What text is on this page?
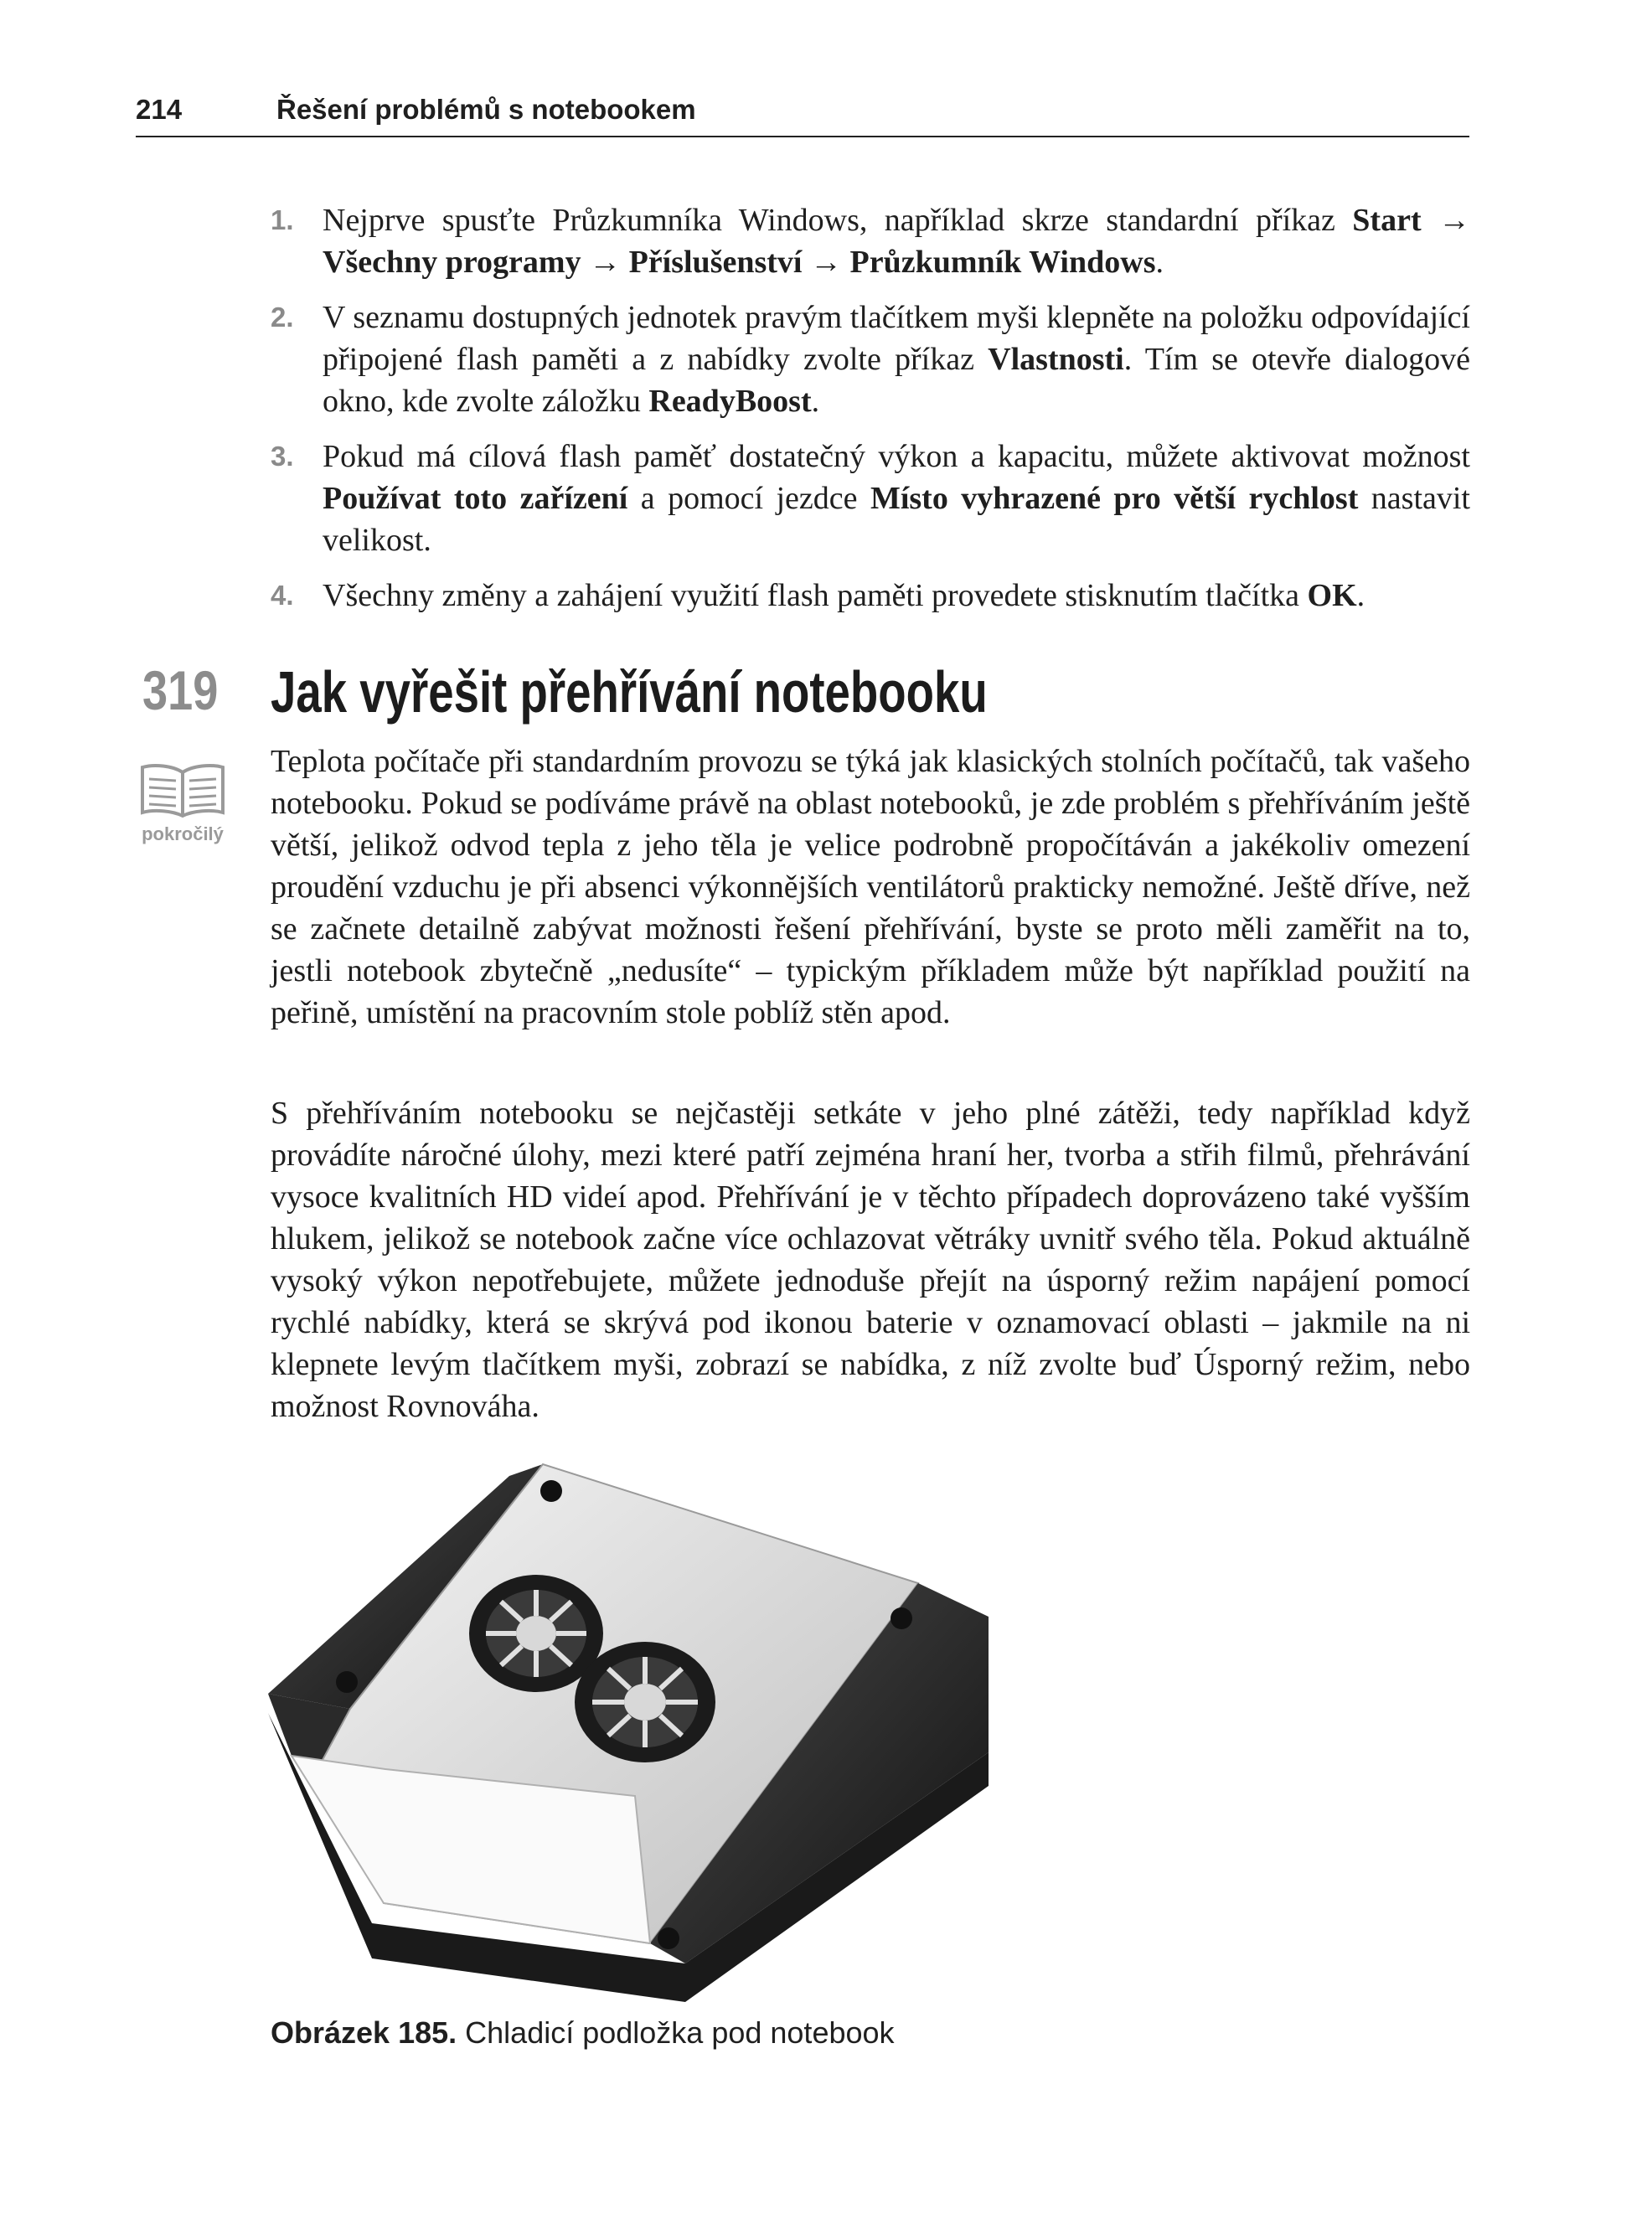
214	Řešení problémů s notebookem
1. Nejprve spusťte Průzkumníka Windows, například skrze standardní příkaz Start → Všechny programy → Příslušenství → Průzkumník Windows.
2. V seznamu dostupných jednotek pravým tlačítkem myši klepněte na položku odpovídající připojené flash paměti a z nabídky zvolte příkaz Vlastnosti. Tím se otevře dialogové okno, kde zvolte záložku ReadyBoost.
3. Pokud má cílová flash paměť dostatečný výkon a kapacitu, můžete aktivovat možnost Používat toto zařízení a pomocí jezdce Místo vyhrazené pro větší rychlost nastavit velikost.
4. Všechny změny a zahájení využití flash paměti provedete stisknutím tlačítka OK.
319 Jak vyřešit přehřívání notebooku
pokročilý

Teplota počítače při standardním provozu se týká jak klasických stolních počítačů, tak vašeho notebooku. Pokud se podíváme právě na oblast notebooků, je zde problém s přehříváním ještě větší, jelikož odvod tepla z jeho těla je velice podrobně propočítáván a jakékoliv omezení proudění vzduchu je při absenci výkonnějších ventilátorů prakticky nemožné. Ještě dříve, než se začnete detailně zabývat možnosti řešení přehřívání, byste se proto měli zaměřit na to, jestli notebook zbytečně „nedusíte“ – typickým příkladem může být například použití na peřině, umístění na pracovním stole poblíž stěn apod.

S přehříváním notebooku se nejčastěji setkáte v jeho plné zátěži, tedy například když provádíte náročné úlohy, mezi které patří zejména hraní her, tvorba a střih filmů, přehrávání vysoce kvalitních HD videí apod. Přehřívání je v těchto případech doprovázeno také vyšším hlukem, jelikož se notebook začne více ochlazovat větráky uvnitř svého těla. Pokud aktuálně vysoký výkon nepotřebujete, můžete jednoduše přejít na úsporný režim napájení pomocí rychlé nabídky, která se skrývá pod ikonou baterie v oznamovací oblasti – jakmile na ni klepnete levým tlačítkem myši, zobrazí se nabídka, z níž zvolte buď Úsporný režim, nebo možnost Rovnováha.

Obrázek 185. Chladicí podložka pod notebook
